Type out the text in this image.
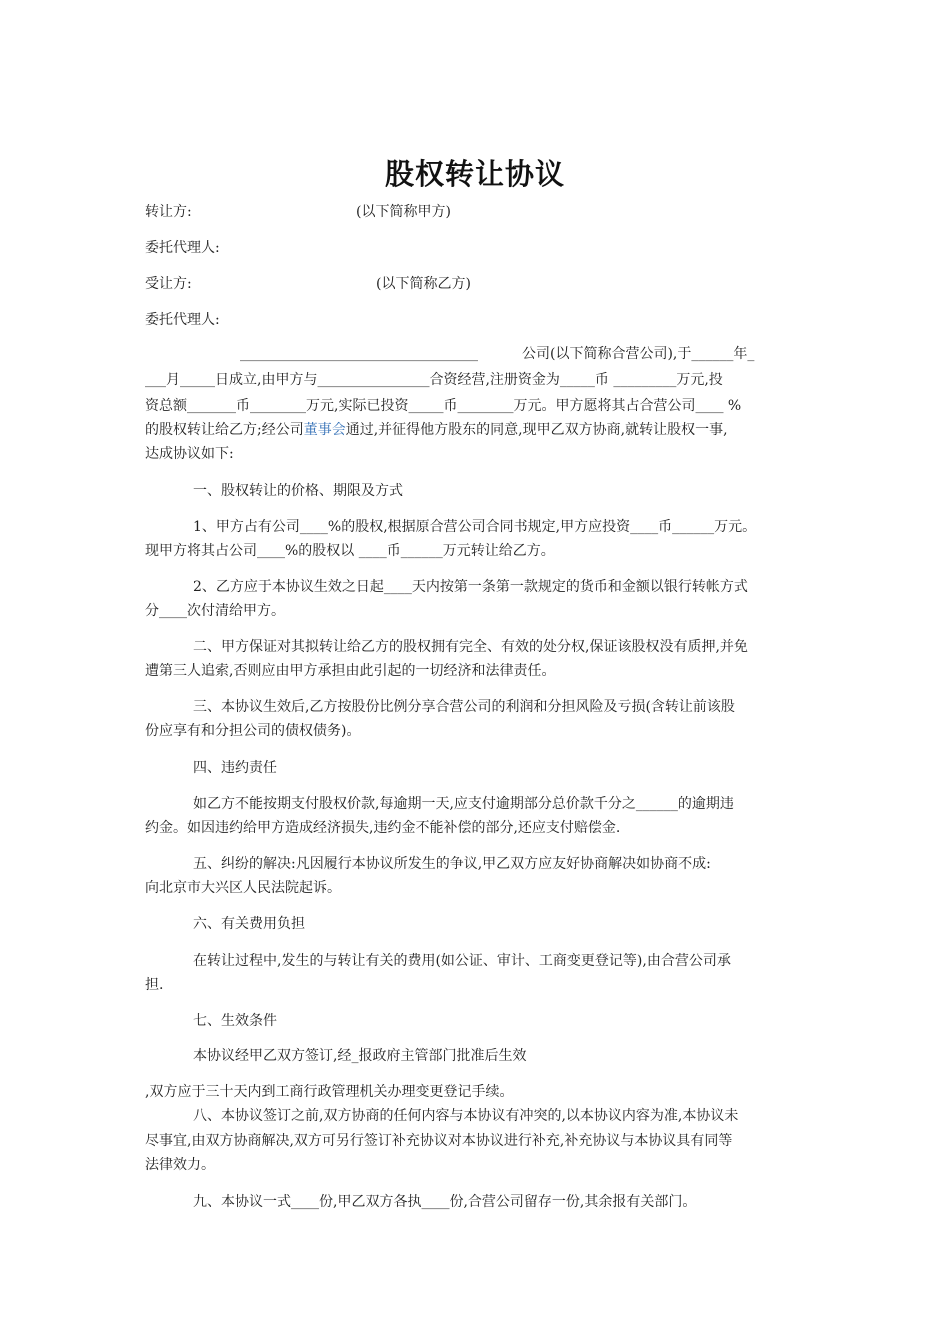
股权转让协议
转让方:	(以下简称甲方)
委托代理人:
受让方:	(以下简称乙方)
委托代理人:
__________________________________	公司(以下简称合营公司),于______年_
___月_____日成立,由甲方与________________合资经营,注册资金为_____币 _________万元,投
资总额_______币________万元,实际已投资_____币________万元。甲方愿将其占合营公司____ %
的股权转让给乙方;经公司董事会通过,并征得他方股东的同意,现甲乙双方协商,就转让股权一事,
达成协议如下:
一、股权转让的价格、期限及方式
1、甲方占有公司____%的股权,根据原合营公司合同书规定,甲方应投资____币______万元。
现甲方将其占公司____%的股权以 ____币______万元转让给乙方。
2、乙方应于本协议生效之日起____天内按第一条第一款规定的货币和金额以银行转帐方式
分____次付清给甲方。
二、甲方保证对其拟转让给乙方的股权拥有完全、有效的处分权,保证该股权没有质押,并免
遭第三人追索,否则应由甲方承担由此引起的一切经济和法律责任。
三、本协议生效后,乙方按股份比例分享合营公司的利润和分担风险及亏损(含转让前该股
份应享有和分担公司的债权债务)。
四、违约责任
如乙方不能按期支付股权价款,每逾期一天,应支付逾期部分总价款千分之______的逾期违
约金。如因违约给甲方造成经济损失,违约金不能补偿的部分,还应支付赔偿金.
五、纠纷的解决:凡因履行本协议所发生的争议,甲乙双方应友好协商解决如协商不成:
向北京市大兴区人民法院起诉。
六、有关费用负担
在转让过程中,发生的与转让有关的费用(如公证、审计、工商变更登记等),由合营公司承
担.
七、生效条件
本协议经甲乙双方签订,经_报政府主管部门批准后生效
,双方应于三十天内到工商行政管理机关办理变更登记手续。
八、本协议签订之前,双方协商的任何内容与本协议有冲突的,以本协议内容为准,本协议未
尽事宜,由双方协商解决,双方可另行签订补充协议对本协议进行补充,补充协议与本协议具有同等
法律效力。
九、本协议一式____份,甲乙双方各执____份,合营公司留存一份,其余报有关部门。
